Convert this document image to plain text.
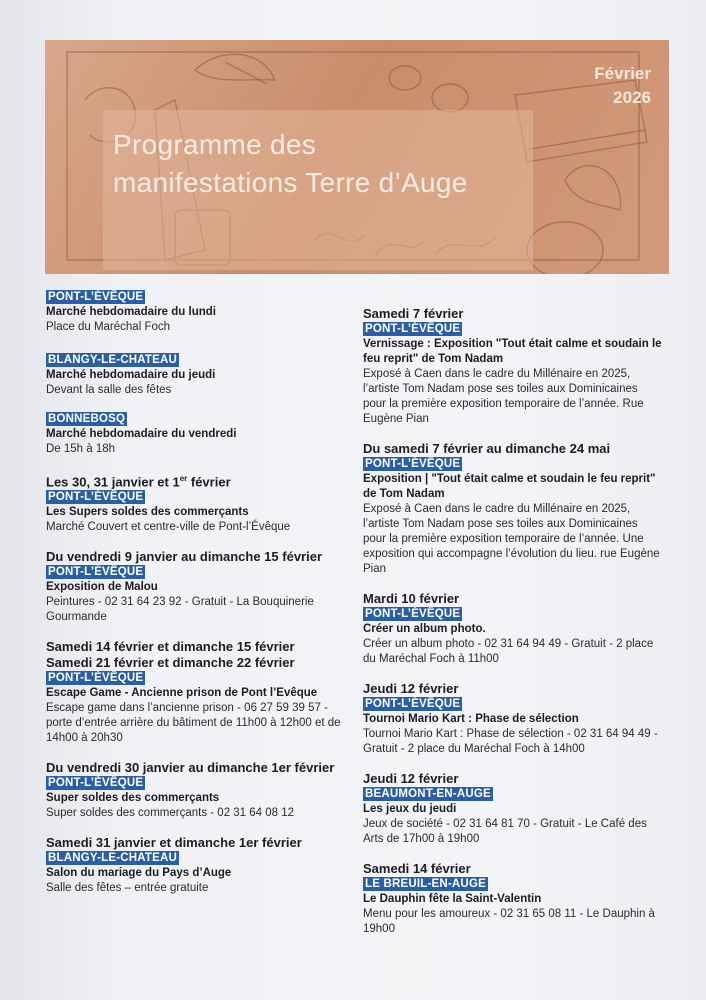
Programme des
manifestations Terre d’Auge
Février
2026
PONT-L’ÉVÊQUE
Marché hebdomadaire du lundi
Place du Maréchal Foch
BLANGY-LE-CHATEAU
Marché hebdomadaire du jeudi
Devant la salle des fêtes
BONNEBOSQ
Marché hebdomadaire du vendredi
De 15h à 18h
Les 30, 31 janvier et 1er février
PONT-L’ÉVÊQUE
Les Supers soldes des commerçants
Marché Couvert et centre-ville de Pont-l’Évêque
Du vendredi 9 janvier au dimanche 15 février
PONT-L’ÉVÊQUE
Exposition de Malou
Peintures - 02 31 64 23 92 - Gratuit - La Bouquinerie Gourmande
Samedi 14 février et dimanche 15 février
Samedi 21 février et dimanche 22 février
PONT-L’ÉVÊQUE
Escape Game - Ancienne prison de Pont l’Evêque
Escape game dans l’ancienne prison - 06 27 59 39 57 - porte d’entrée arrière du bâtiment de 11h00 à 12h00 et de 14h00 à 20h30
Du vendredi 30 janvier au dimanche 1er février
PONT-L’ÉVÊQUE
Super soldes des commerçants
Super soldes des commerçants - 02 31 64 08 12
Samedi 31 janvier et dimanche 1er février
BLANGY-LE-CHATEAU
Salon du mariage du Pays d’Auge
Salle des fêtes – entrée gratuite
Samedi 7 février
PONT-L’ÉVÊQUE
Vernissage : Exposition "Tout était calme et soudain le feu reprit" de Tom Nadam
Exposé à Caen dans le cadre du Millénaire en 2025, l’artiste Tom Nadam pose ses toiles aux Dominicaines pour la première exposition temporaire de l’année. Rue Eugène Pian
Du samedi 7 février au dimanche 24 mai
PONT-L’ÉVÊQUE
Exposition | "Tout était calme et soudain le feu reprit" de Tom Nadam
Exposé à Caen dans le cadre du Millénaire en 2025, l’artiste Tom Nadam pose ses toiles aux Dominicaines pour la première exposition temporaire de l’année. Une exposition qui accompagne l’évolution du lieu. rue Eugène Pian
Mardi 10 février
PONT-L’ÉVÊQUE
Créer un album photo.
Créer un album photo - 02 31 64 94 49 - Gratuit - 2 place du Maréchal Foch à 11h00
Jeudi 12 février
PONT-L’ÉVÊQUE
Tournoi Mario Kart : Phase de sélection
Tournoi Mario Kart : Phase de sélection - 02 31 64 94 49 - Gratuit - 2 place du Maréchal Foch à 14h00
Jeudi 12 février
BEAUMONT-EN-AUGE
Les jeux du jeudi
Jeux de société - 02 31 64 81 70 - Gratuit - Le Café des Arts de 17h00 à 19h00
Samedi 14 février
LE BREUIL-EN-AUGE
Le Dauphin fête la Saint-Valentin
Menu pour les amoureux - 02 31 65 08 11 - Le Dauphin à 19h00
